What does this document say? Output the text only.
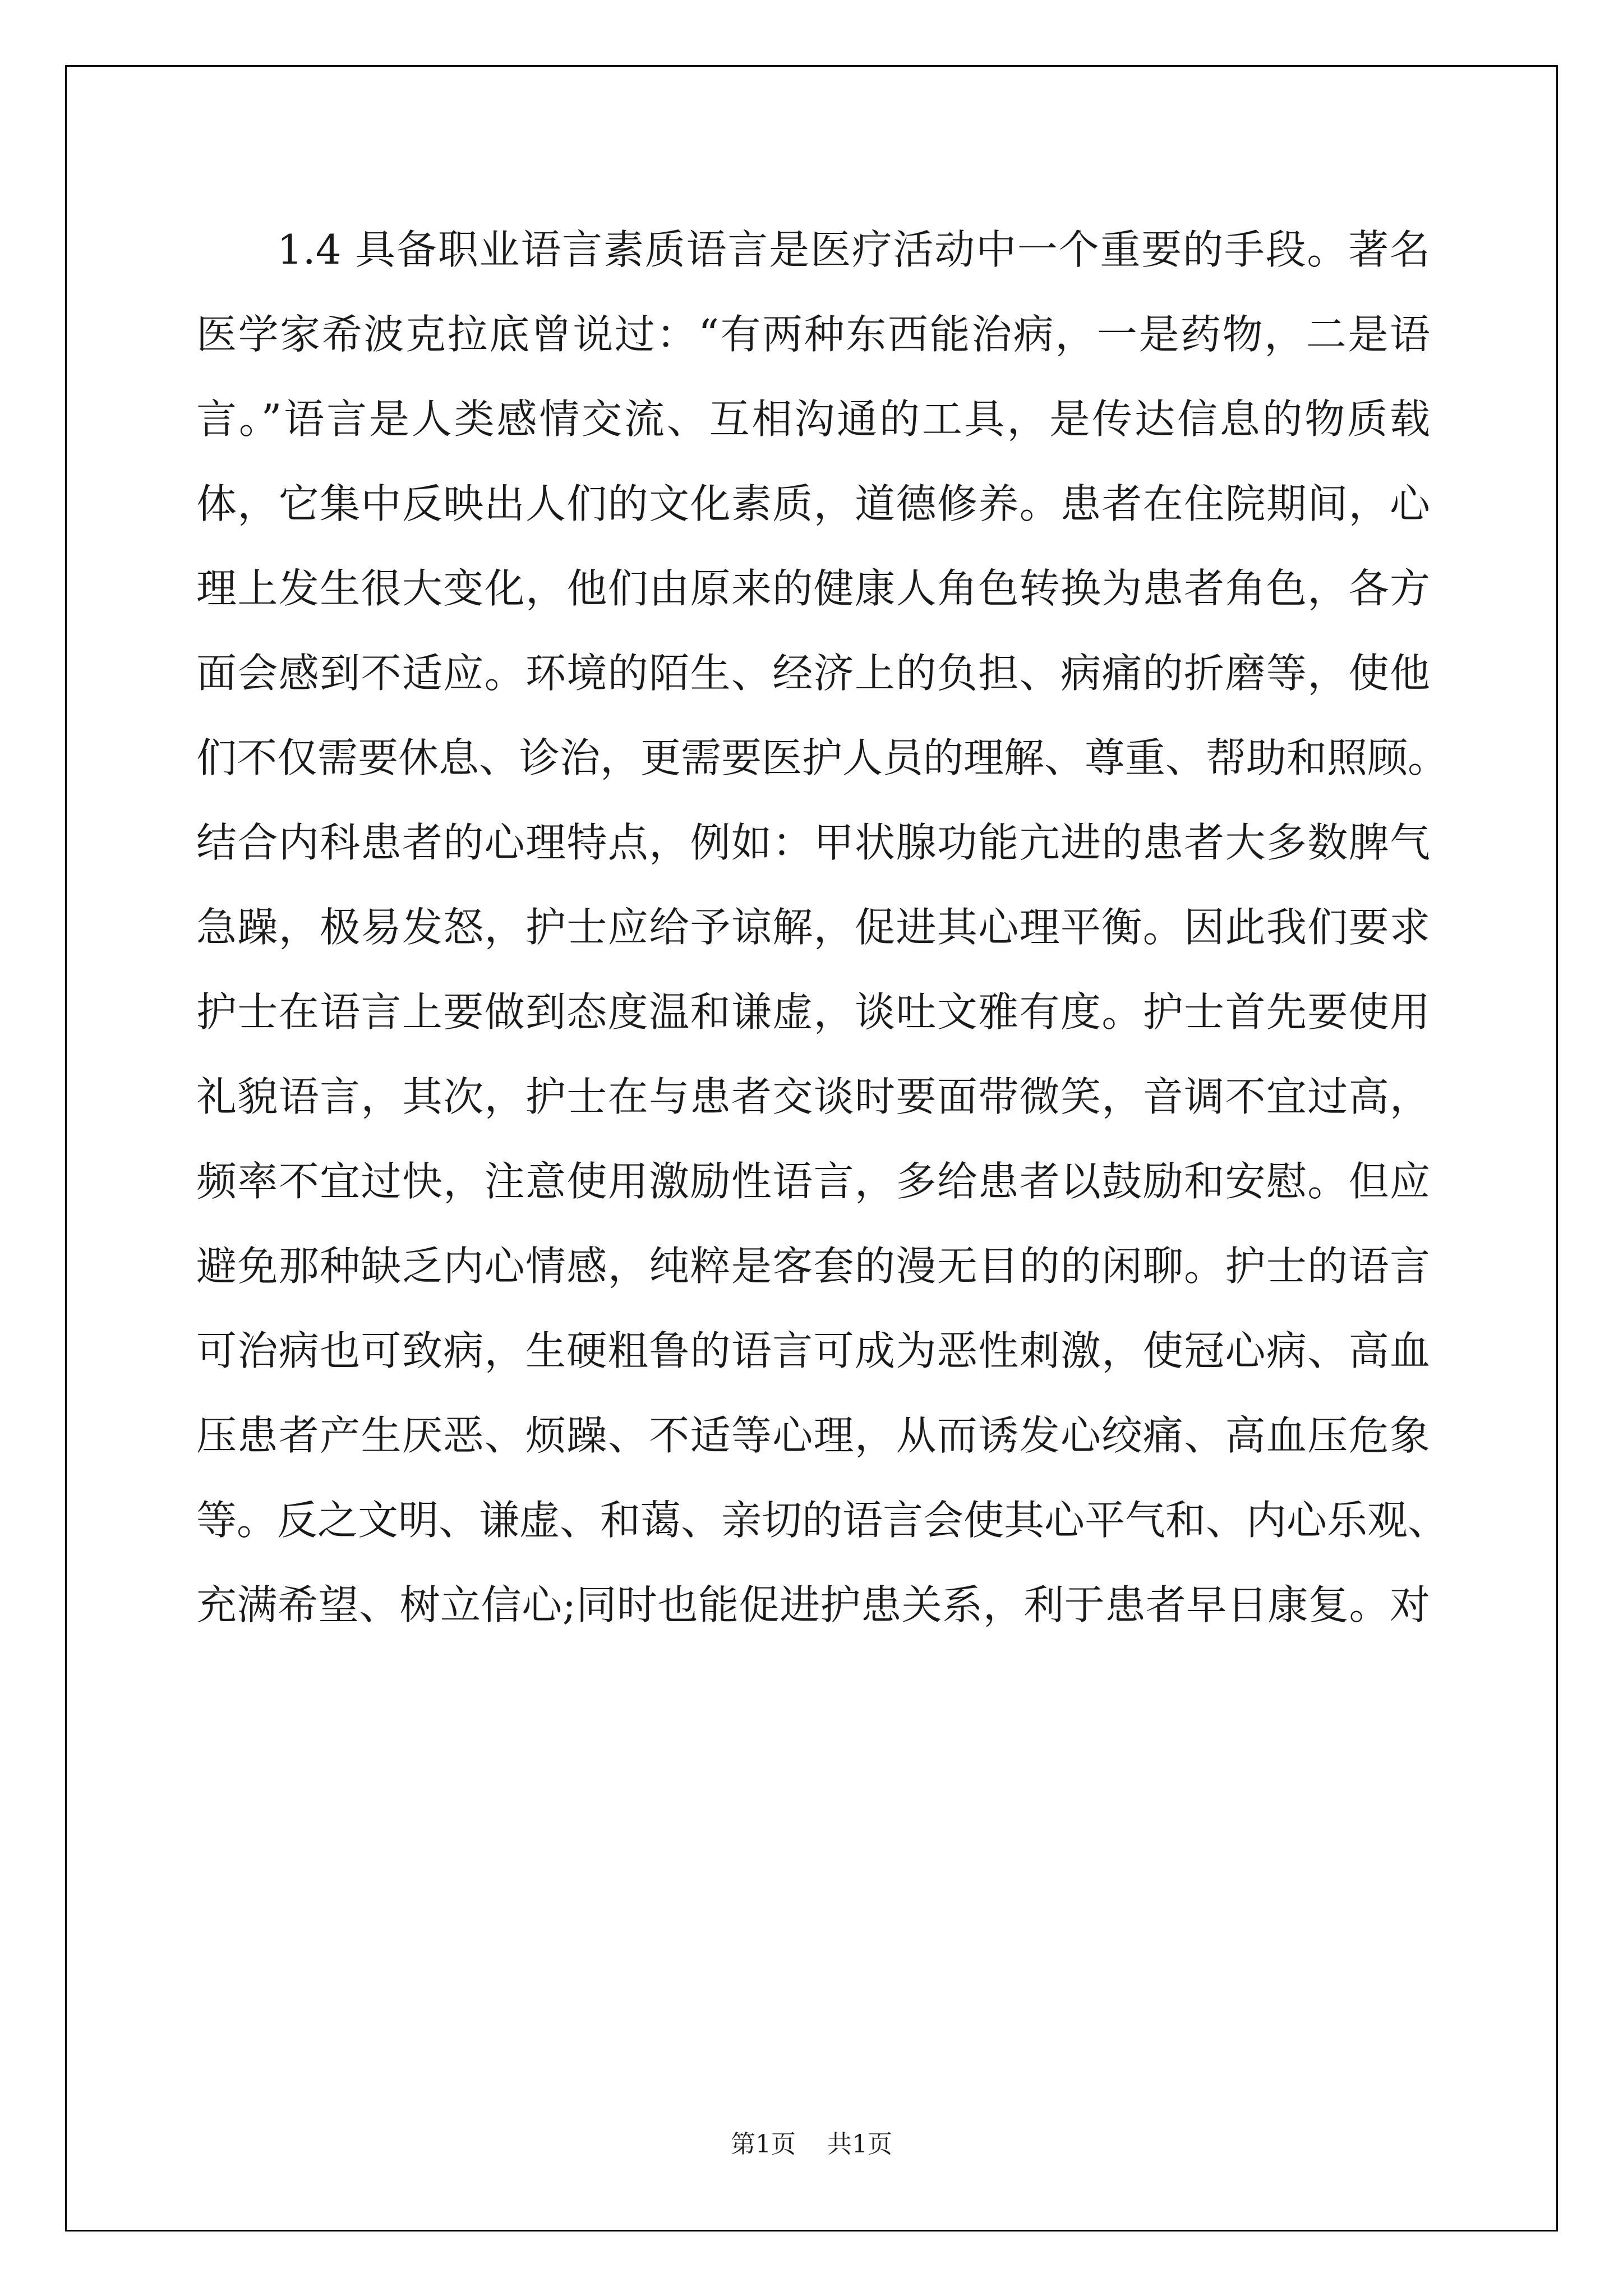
1.4 具备职业语言素质语言是医疗活动中一个重要的手段。著名
医学家希波克拉底曾说过：“有两种东西能治病，一是药物，二是语
言。”语言是人类感情交流、互相沟通的工具，是传达信息的物质载
体，它集中反映出人们的文化素质，道德修养。患者在住院期间，心
理上发生很大变化，他们由原来的健康人角色转换为患者角色，各方
面会感到不适应。环境的陌生、经济上的负担、病痛的折磨等，使他
们不仅需要休息、诊治，更需要医护人员的理解、尊重、帮助和照顾。
结合内科患者的心理特点，例如：甲状腺功能亢进的患者大多数脾气
急躁，极易发怒，护士应给予谅解，促进其心理平衡。因此我们要求
护士在语言上要做到态度温和谦虚，谈吐文雅有度。护士首先要使用
礼貌语言，其次，护士在与患者交谈时要面带微笑，音调不宜过高，
频率不宜过快，注意使用激励性语言，多给患者以鼓励和安慰。但应
避免那种缺乏内心情感，纯粹是客套的漫无目的的闲聊。护士的语言
可治病也可致病，生硬粗鲁的语言可成为恶性刺激，使冠心病、高血
压患者产生厌恶、烦躁、不适等心理，从而诱发心绞痛、高血压危象
等。反之文明、谦虚、和蔼、亲切的语言会使其心平气和、内心乐观、
充满希望、树立信心;同时也能促进护患关系，利于患者早日康复。对
第1页 共1页
